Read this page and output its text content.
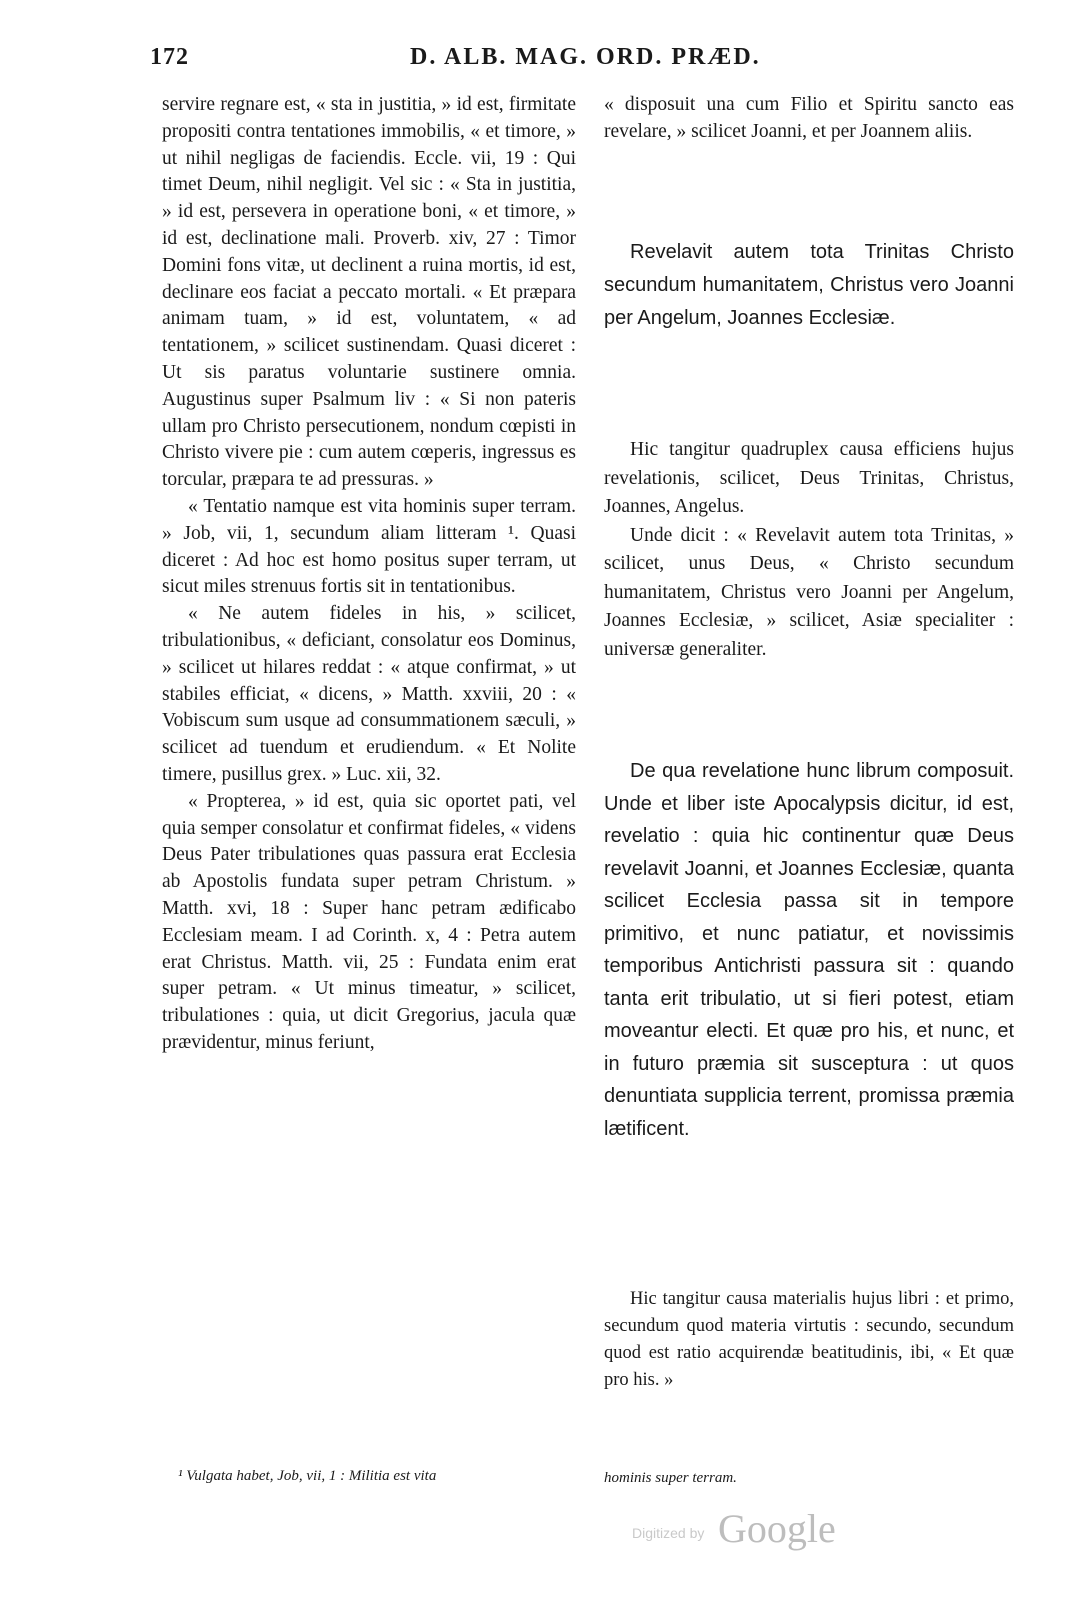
172	D. ALB. MAG. ORD. PRÆD.

servire regnare est, « sta in justitia, » id est, firmitate propositi contra tentationes immobilis, « et timore, » ut nihil negligas de faciendis. Eccle. vii, 19 : Qui timet Deum, nihil negligit. Vel sic : « Sta in justitia, » id est, persevera in operatione boni, « et timore, » id est, declinatione mali. Proverb. xiv, 27 : Timor Domini fons vitæ, ut declinent a ruina mortis, id est, declinare eos faciat a peccato mortali. « Et præpara animam tuam, » id est, voluntatem, « ad tentationem, » scilicet sustinendam. Quasi diceret : Ut sis paratus voluntarie sustinere omnia. Augustinus super Psalmum liv : « Si non pateris ullam pro Christo persecutionem, nondum cœpisti in Christo vivere pie : cum autem cœperis, ingressus es torcular, præpara te ad pressuras. »

« Tentatio namque est vita hominis super terram. » Job, vii, 1, secundum aliam litteram ¹. Quasi diceret : Ad hoc est homo positus super terram, ut sicut miles strenuus fortis sit in tentationibus.

« Ne autem fideles in his, » scilicet, tribulationibus, « deficiant, consolatur eos Dominus, » scilicet ut hilares reddat : « atque confirmat, » ut stabiles efficiat, « dicens, » Matth. xxviii, 20 : « Vobiscum sum usque ad consummationem sæculi, » scilicet ad tuendum et erudiendum. « Et Nolite timere, pusillus grex. » Luc. xii, 32.

« Propterea, » id est, quia sic oportet pati, vel quia semper consolatur et confirmat fideles, « videns Deus Pater tribulationes quas passura erat Ecclesia ab Apostolis fundata super petram Christum. » Matth. xvi, 18 : Super hanc petram ædificabo Ecclesiam meam. I ad Corinth. x, 4 : Petra autem erat Christus. Matth. vii, 25 : Fundata enim erat super petram. « Ut minus timeatur, » scilicet, tribulationes : quia, ut dicit Gregorius, jacula quæ prævidentur, minus feriunt,

« disposuit una cum Filio et Spiritu sancto eas revelare, » scilicet Joanni, et per Joannem aliis.

Revelavit autem tota Trinitas Christo secundum humanitatem, Christus vero Joanni per Angelum, Joannes Ecclesiæ.

Hic tangitur quadruplex causa efficiens hujus revelationis, scilicet, Deus Trinitas, Christus, Joannes, Angelus.

Unde dicit : « Revelavit autem tota Trinitas, » scilicet, unus Deus, « Christo secundum humanitatem, Christus vero Joanni per Angelum, Joannes Ecclesiæ, » scilicet, Asiæ specialiter : universæ generaliter.

De qua revelatione hunc librum composuit. Unde et liber iste Apocalypsis dicitur, id est, revelatio : quia hic continentur quæ Deus revelavit Joanni, et Joannes Ecclesiæ, quanta scilicet Ecclesia passa sit in tempore primitivo, et nunc patiatur, et novissimis temporibus Antichristi passura sit : quando tanta erit tribulatio, ut si fieri potest, etiam moveantur electi. Et quæ pro his, et nunc, et in futuro præmia sit susceptura : ut quos denuntiata supplicia terrent, promissa præmia lætificent.

Hic tangitur causa materialis hujus libri : et primo, secundum quod materia virtutis : secundo, secundum quod est ratio acquirendæ beatitudinis, ibi, « Et quæ pro his. »

¹ Vulgata habet, Job, vii, 1 : Militia est vita	hominis super terram.
Digitized by Google
